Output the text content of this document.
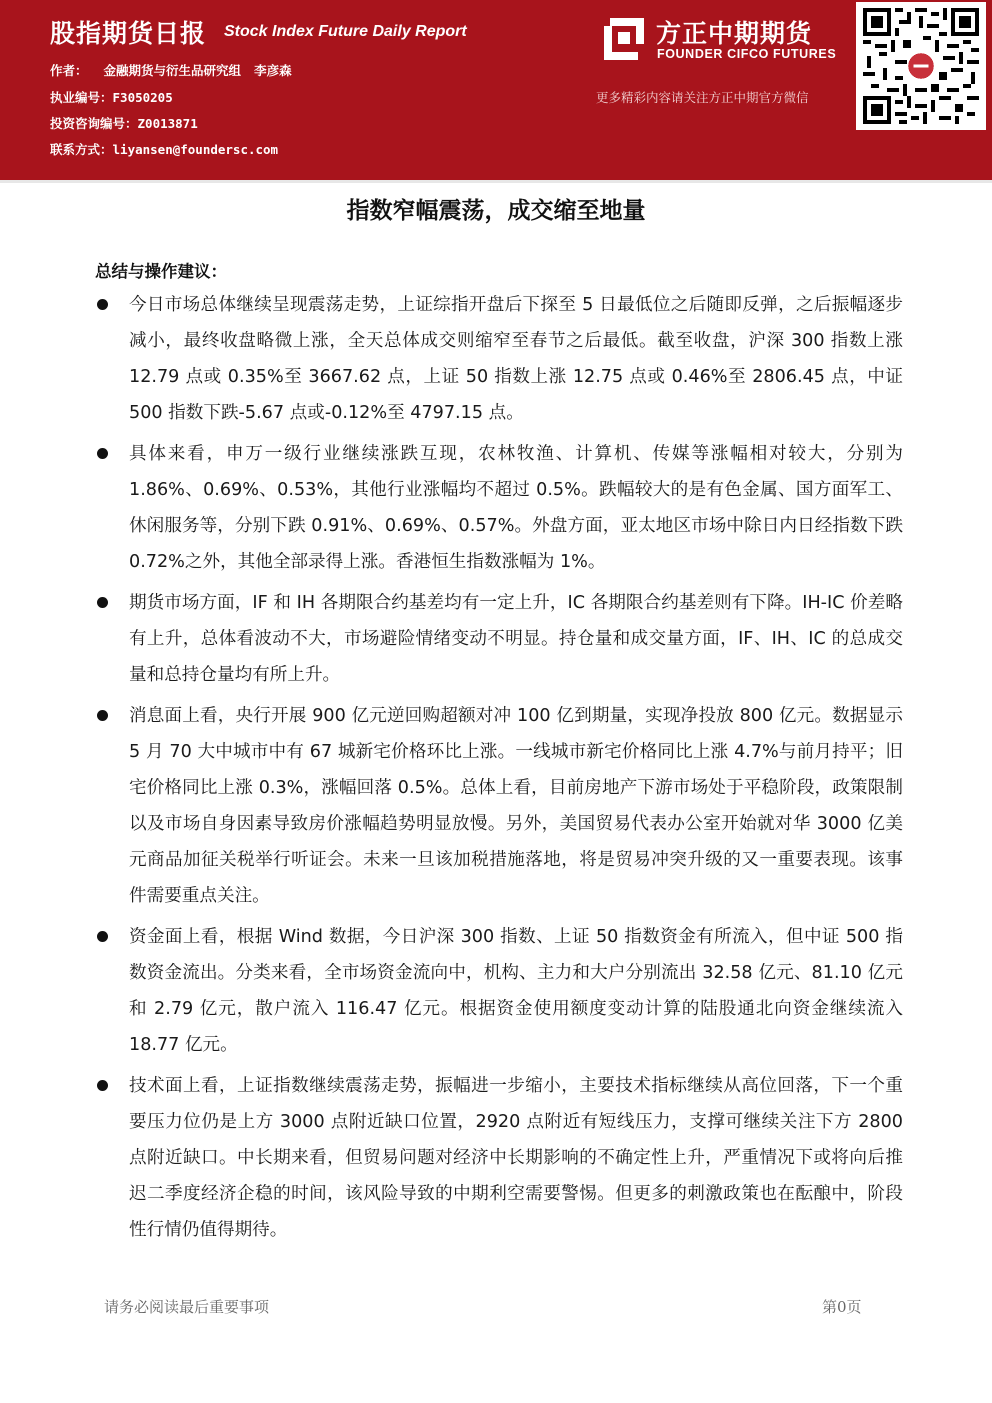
股指期货日报 Stock Index Future Daily Report
作者： 金融期货与衍生品研究组 李彦森
执业编号：F3050205
投资咨询编号：Z0013871
联系方式：liyansen@foundersc.com
方正中期期货
FOUNDER CIFCO FUTURES
更多精彩内容请关注方正中期官方微信
指数窄幅震荡，成交缩至地量
总结与操作建议：
今日市场总体继续呈现震荡走势，上证综指开盘后下探至 5 日最低位之后随即反弹，之后振幅逐步减小，最终收盘略微上涨，全天总体成交则缩窄至春节之后最低。截至收盘，沪深 300 指数上涨 12.79 点或 0.35%至 3667.62 点，上证 50 指数上涨 12.75 点或 0.46%至 2806.45 点，中证 500 指数下跌-5.67 点或-0.12%至 4797.15 点。
具体来看，申万一级行业继续涨跌互现，农林牧渔、计算机、传媒等涨幅相对较大，分别为 1.86%、0.69%、0.53%，其他行业涨幅均不超过 0.5%。跌幅较大的是有色金属、国方面军工、休闲服务等，分别下跌 0.91%、0.69%、0.57%。外盘方面，亚太地区市场中除日内日经指数下跌 0.72%之外，其他全部录得上涨。香港恒生指数涨幅为 1%。
期货市场方面，IF 和 IH 各期限合约基差均有一定上升，IC 各期限合约基差则有下降。IH-IC 价差略有上升，总体看波动不大，市场避险情绪变动不明显。持仓量和成交量方面，IF、IH、IC 的总成交量和总持仓量均有所上升。
消息面上看，央行开展 900 亿元逆回购超额对冲 100 亿到期量，实现净投放 800 亿元。数据显示 5 月 70 大中城市中有 67 城新宅价格环比上涨。一线城市新宅价格同比上涨 4.7%与前月持平；旧宅价格同比上涨 0.3%，涨幅回落 0.5%。总体上看，目前房地产下游市场处于平稳阶段，政策限制以及市场自身因素导致房价涨幅趋势明显放慢。另外，美国贸易代表办公室开始就对华 3000 亿美元商品加征关税举行听证会。未来一旦该加税措施落地，将是贸易冲突升级的又一重要表现。该事件需要重点关注。
资金面上看，根据 Wind 数据，今日沪深 300 指数、上证 50 指数资金有所流入，但中证 500 指数资金流出。分类来看，全市场资金流向中，机构、主力和大户分别流出 32.58 亿元、81.10 亿元和 2.79 亿元，散户流入 116.47 亿元。根据资金使用额度变动计算的陆股通北向资金继续流入 18.77 亿元。
技术面上看，上证指数继续震荡走势，振幅进一步缩小，主要技术指标继续从高位回落，下一个重要压力位仍是上方 3000 点附近缺口位置，2920 点附近有短线压力，支撑可继续关注下方 2800 点附近缺口。中长期来看，但贸易问题对经济中长期影响的不确定性上升，严重情况下或将向后推迟二季度经济企稳的时间，该风险导致的中期利空需要警惕。但更多的刺激政策也在酝酿中，阶段性行情仍值得期待。
请务必阅读最后重要事项	第0页
